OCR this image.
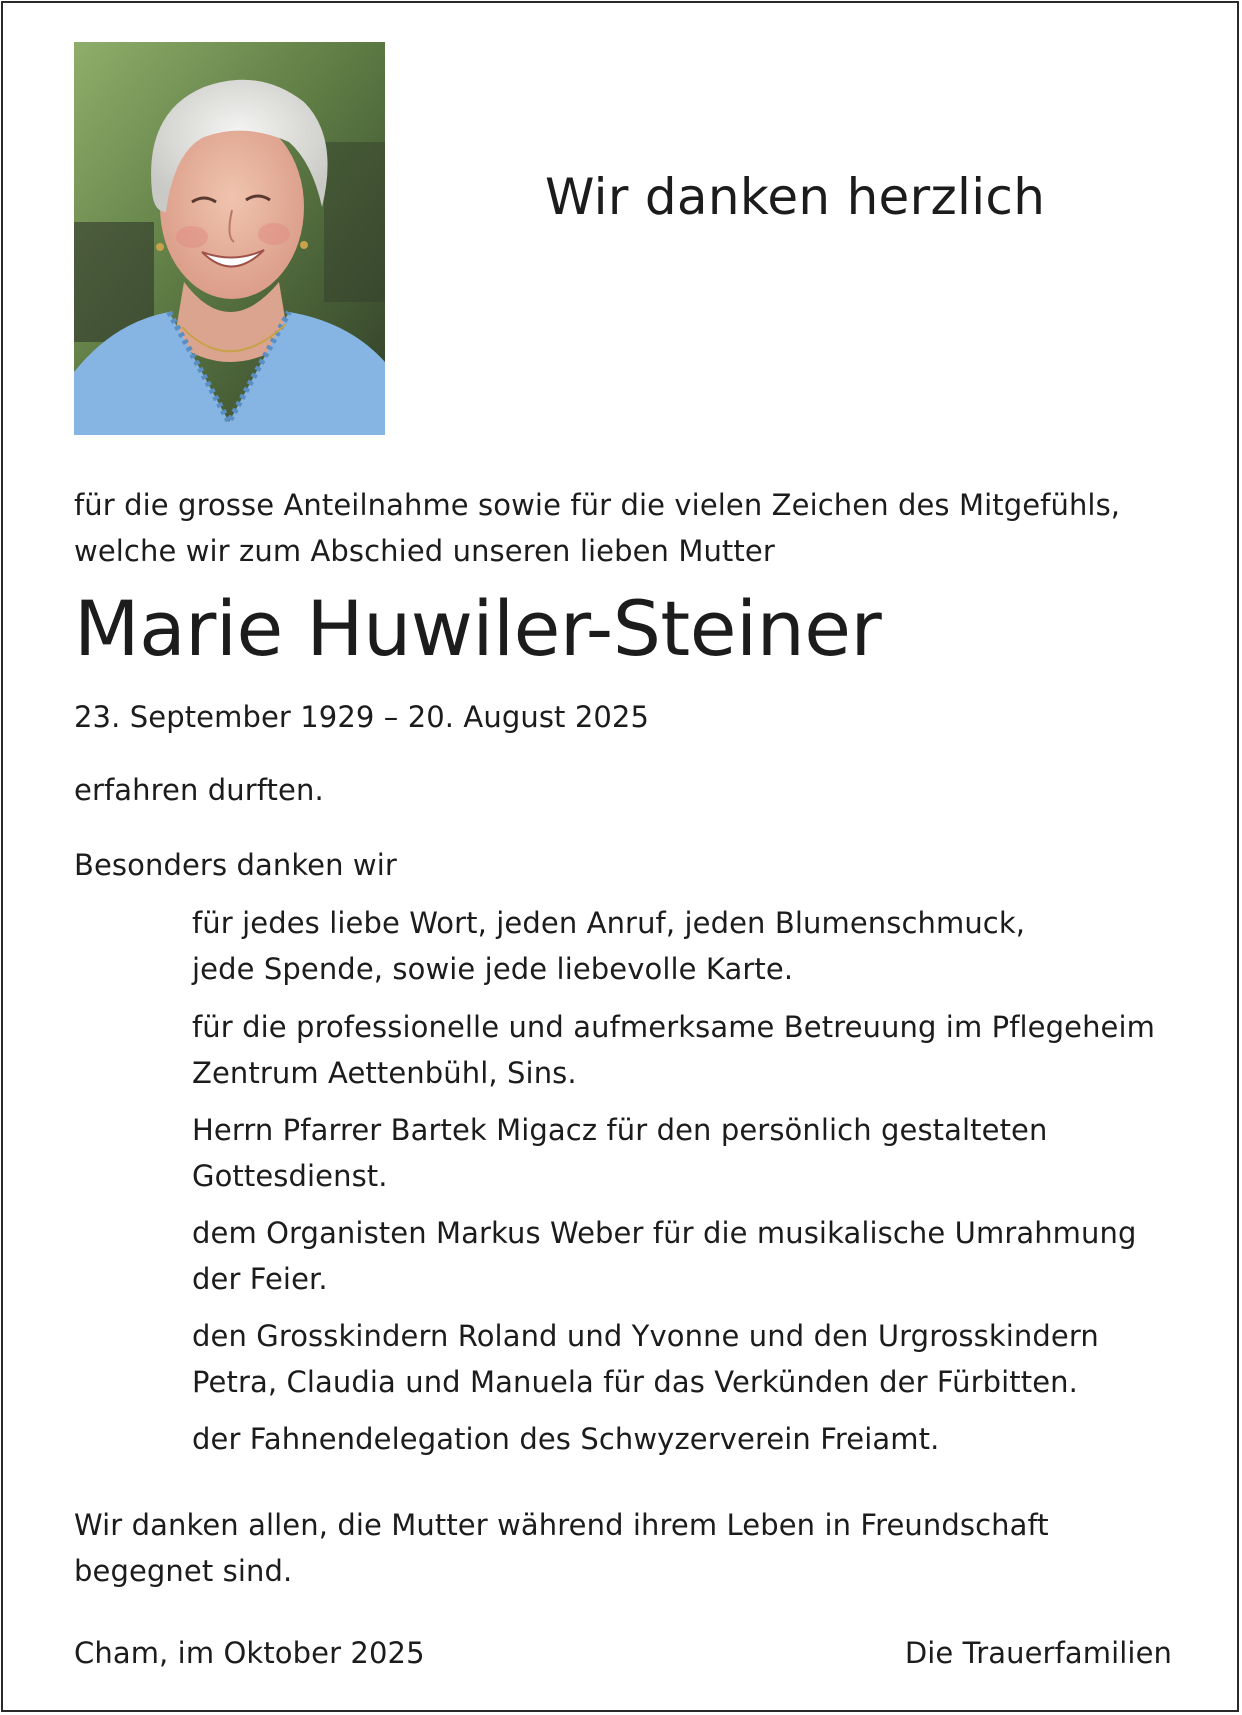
Wir danken herzlich
für die grosse Anteilnahme sowie für die vielen Zeichen des Mitgefühls,
welche wir zum Abschied unseren lieben Mutter
Marie Huwiler-Steiner
23. September 1929 – 20. August 2025
erfahren durften.
Besonders danken wir
für jedes liebe Wort, jeden Anruf, jeden Blumenschmuck,
jede Spende, sowie jede liebevolle Karte.
für die professionelle und aufmerksame Betreuung im Pflegeheim
Zentrum Aettenbühl, Sins.
Herrn Pfarrer Bartek Migacz für den persönlich gestalteten
Gottesdienst.
dem Organisten Markus Weber für die musikalische Umrahmung
der Feier.
den Grosskindern Roland und Yvonne und den Urgrosskindern
Petra, Claudia und Manuela für das Verkünden der Fürbitten.
der Fahnendelegation des Schwyzerverein Freiamt.
Wir danken allen, die Mutter während ihrem Leben in Freundschaft
begegnet sind.
Cham, im Oktober 2025	Die Trauerfamilien
